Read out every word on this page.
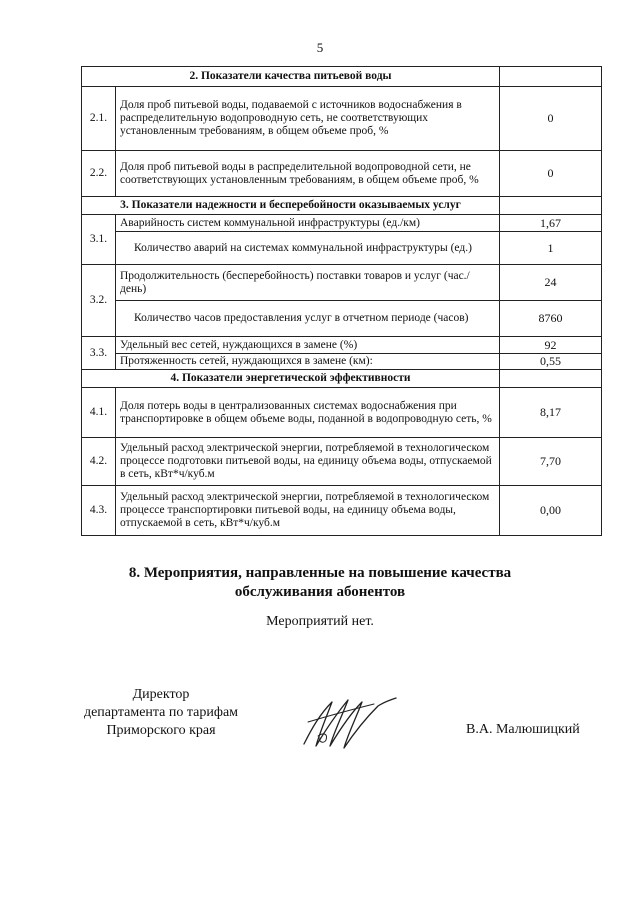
5
2. Показатели качества питьевой воды		
2.1.	Доля проб питьевой воды, подаваемой с источников водоснабжения в распределительную водопроводную сеть, не соответствующих установленным требованиям, в общем объеме проб, %	0
2.2.	Доля проб питьевой воды в распределительной водопроводной сети, не соответствующих установленным требованиям, в общем объеме проб, %	0
3. Показатели надежности и бесперебойности оказываемых услуг		
3.1.	Аварийность систем коммунальной инфраструктуры (ед./км)	1,67
	Количество аварий на системах коммунальной инфраструктуры (ед.)	1
3.2.	Продолжительность (бесперебойность) поставки товаров и услуг (час./день)	24
	Количество часов предоставления услуг в отчетном периоде (часов)	8760
3.3.	Удельный вес сетей, нуждающихся в замене (%)	92
	Протяженность сетей, нуждающихся в замене (км):	0,55
4. Показатели энергетической эффективности		
4.1.	Доля потерь воды в централизованных системах водоснабжения при транспортировке в общем объеме воды, поданной в водопроводную сеть, %	8,17
4.2.	Удельный расход электрической энергии, потребляемой в технологическом процессе подготовки питьевой воды, на единицу объема воды, отпускаемой в сеть, кВт*ч/куб.м	7,70
4.3.	Удельный расход электрической энергии, потребляемой в технологическом процессе транспортировки питьевой воды, на единицу объема воды, отпускаемой в сеть, кВт*ч/куб.м	0,00
8. Мероприятия, направленные на повышение качества
обслуживания абонентов
Мероприятий нет.
Директор
департамента по тарифам
Приморского края	В.А. Малюшицкий
